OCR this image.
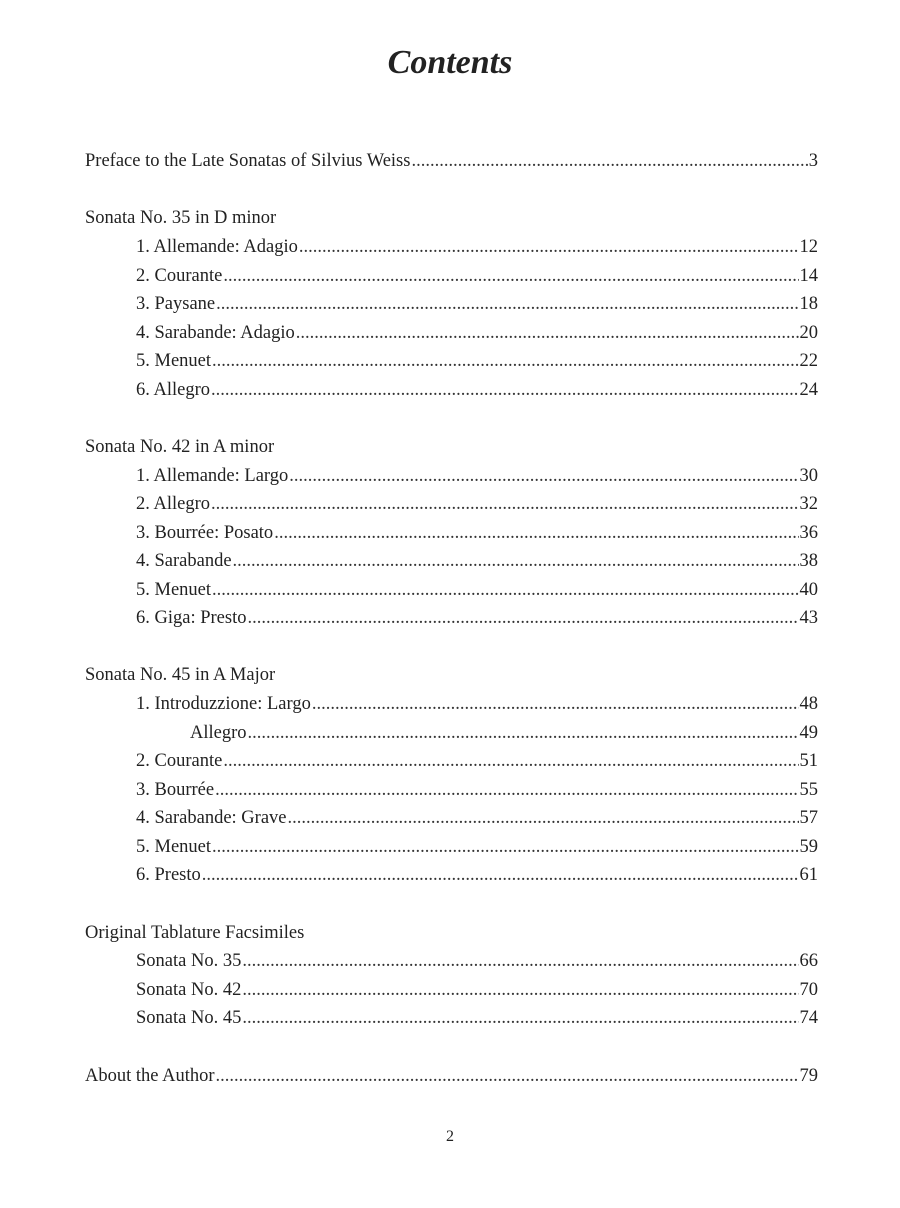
Contents
Preface to the Late Sonatas of Silvius Weiss .....	3
Sonata No. 35 in D minor
1. Allemande: Adagio .....	12
2. Courante .....	14
3. Paysane .....	18
4. Sarabande: Adagio .....	20
5. Menuet .....	22
6. Allegro .....	24
Sonata No. 42 in A minor
1. Allemande: Largo .....	30
2. Allegro .....	32
3. Bourrée: Posato .....	36
4. Sarabande .....	38
5. Menuet .....	40
6. Giga: Presto .....	43
Sonata No. 45 in A Major
1. Introduzzione: Largo .....	48
Allegro .....	49
2. Courante .....	51
3. Bourrée .....	55
4. Sarabande: Grave .....	57
5. Menuet .....	59
6. Presto .....	61
Original Tablature Facsimiles
Sonata No. 35 .....	66
Sonata No. 42 .....	70
Sonata No. 45 .....	74
About the Author .....	79
2
